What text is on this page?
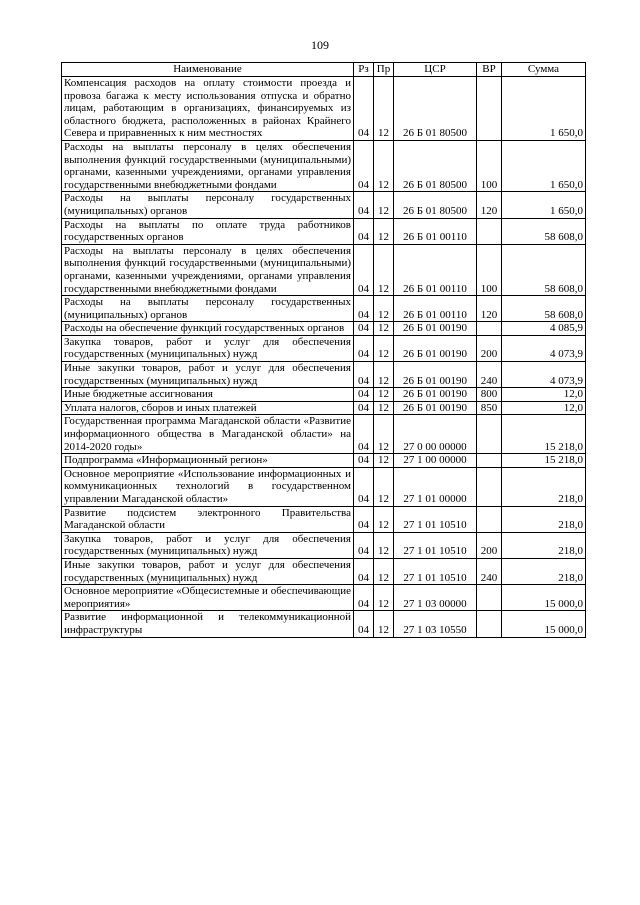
109
Наименование	Рз	Пр	ЦСР	ВР	Сумма
Компенсация расходов на оплату стоимости проезда и провоза багажа к месту использования отпуска и обратно лицам, работающим в организациях, финансируемых из областного бюджета, расположенных в районах Крайнего Севера и приравненных к ним местностях	04	12	26 Б 01 80500		1 650,0
Расходы на выплаты персоналу в целях обеспечения выполнения функций государственными (муниципальными) органами, казенными учреждениями, органами управления государственными внебюджетными фондами	04	12	26 Б 01 80500	100	1 650,0
Расходы на выплаты персоналу государственных (муниципальных) органов	04	12	26 Б 01 80500	120	1 650,0
Расходы на выплаты по оплате труда работников государственных органов	04	12	26 Б 01 00110		58 608,0
Расходы на выплаты персоналу в целях обеспечения выполнения функций государственными (муниципальными) органами, казенными учреждениями, органами управления государственными внебюджетными фондами	04	12	26 Б 01 00110	100	58 608,0
Расходы на выплаты персоналу государственных (муниципальных) органов	04	12	26 Б 01 00110	120	58 608,0
Расходы на обеспечение функций государственных органов	04	12	26 Б 01 00190		4 085,9
Закупка товаров, работ и услуг для обеспечения государственных (муниципальных) нужд	04	12	26 Б 01 00190	200	4 073,9
Иные закупки товаров, работ и услуг для обеспечения государственных (муниципальных) нужд	04	12	26 Б 01 00190	240	4 073,9
Иные бюджетные ассигнования	04	12	26 Б 01 00190	800	12,0
Уплата налогов, сборов и иных платежей	04	12	26 Б 01 00190	850	12,0
Государственная программа Магаданской области «Развитие информационного общества в Магаданской области» на 2014-2020 годы»	04	12	27 0 00 00000		15 218,0
Подпрограмма «Информационный регион»	04	12	27 1 00 00000		15 218,0
Основное мероприятие «Использование информационных и коммуникационных технологий в государственном управлении Магаданской области»	04	12	27 1 01 00000		218,0
Развитие подсистем электронного Правительства Магаданской области	04	12	27 1 01 10510		218,0
Закупка товаров, работ и услуг для обеспечения государственных (муниципальных) нужд	04	12	27 1 01 10510	200	218,0
Иные закупки товаров, работ и услуг для обеспечения государственных (муниципальных) нужд	04	12	27 1 01 10510	240	218,0
Основное мероприятие «Общесистемные и обеспечивающие мероприятия»	04	12	27 1 03 00000		15 000,0
Развитие информационной и телекоммуникационной инфраструктуры	04	12	27 1 03 10550		15 000,0
